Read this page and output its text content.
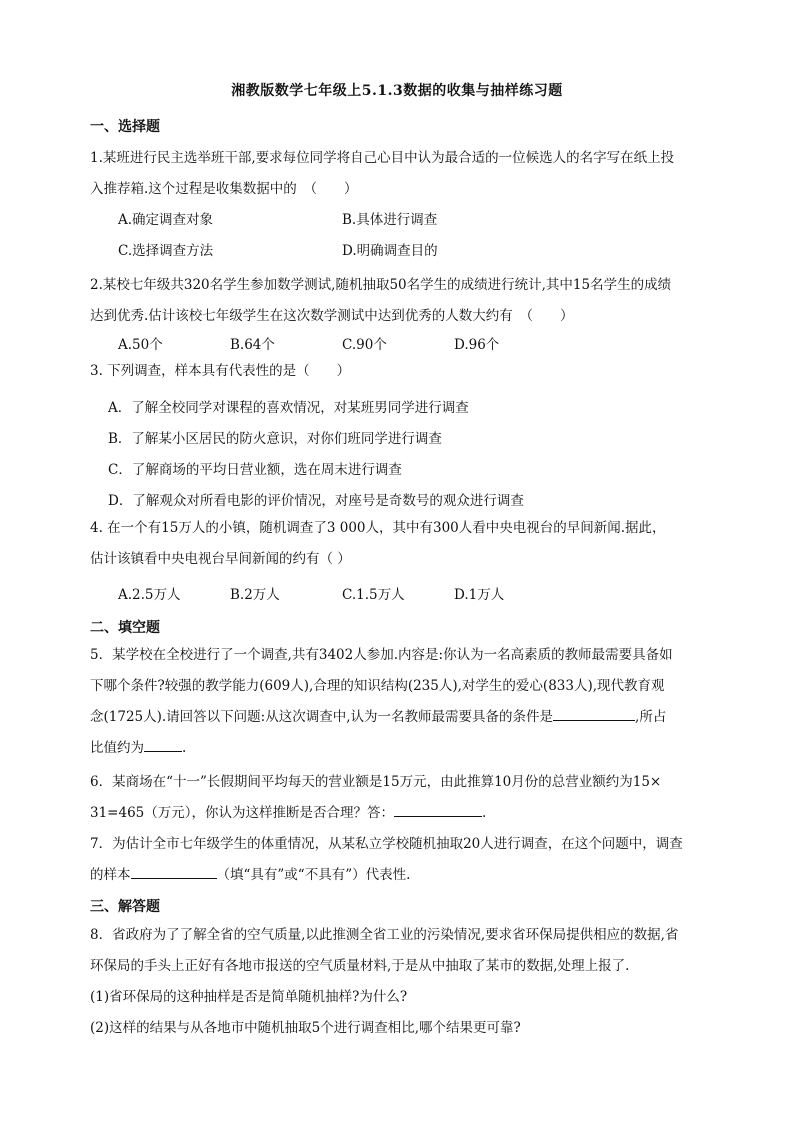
湘教版数学七年级上5.1.3数据的收集与抽样练习题
一、选择题
1.某班进行民主选举班干部,要求每位同学将自己心目中认为最合适的一位候选人的名字写在纸上投
入推荐箱.这个过程是收集数据中的　（　　）
A.确定调查对象	B.具体进行调查
C.选择调查方法	D.明确调查目的
2.某校七年级共320名学生参加数学测试,随机抽取50名学生的成绩进行统计,其中15名学生的成绩
达到优秀.估计该校七年级学生在这次数学测试中达到优秀的人数大约有　（　　）
A.50个	B.64个	C.90个	D.96个
3. 下列调查，样本具有代表性的是（　　）
A．了解全校同学对课程的喜欢情况，对某班男同学进行调查
B．了解某小区居民的防火意识，对你们班同学进行调查
C．了解商场的平均日营业额，选在周末进行调查
D．了解观众对所看电影的评价情况，对座号是奇数号的观众进行调查
4. 在一个有15万人的小镇，随机调查了3 000人，其中有300人看中央电视台的早间新闻.据此，
估计该镇看中央电视台早间新闻的约有（ ）
A.2.5万人	B.2万人	C.1.5万人	D.1万人
二、填空题
5．某学校在全校进行了一个调查,共有3402人参加.内容是:你认为一名高素质的教师最需要具备如
下哪个条件?较强的教学能力(609人),合理的知识结构(235人),对学生的爱心(833人),现代教育观
念(1725人).请回答以下问题:从这次调查中,认为一名教师最需要具备的条件是	,所占
比值约为	.
6．某商场在“十一”长假期间平均每天的营业额是15万元，由此推算10月份的总营业额约为15×
31=465（万元），你认为这样推断是否合理？答：	.
7．为估计全市七年级学生的体重情况，从某私立学校随机抽取20人进行调查，在这个问题中，调查
的样本	（填“具有”或“不具有”）代表性.
三、解答题
8．省政府为了了解全省的空气质量,以此推测全省工业的污染情况,要求省环保局提供相应的数据,省
环保局的手头上正好有各地市报送的空气质量材料,于是从中抽取了某市的数据,处理上报了.
(1)省环保局的这种抽样是否是简单随机抽样?为什么?
(2)这样的结果与从各地市中随机抽取5个进行调查相比,哪个结果更可靠?
